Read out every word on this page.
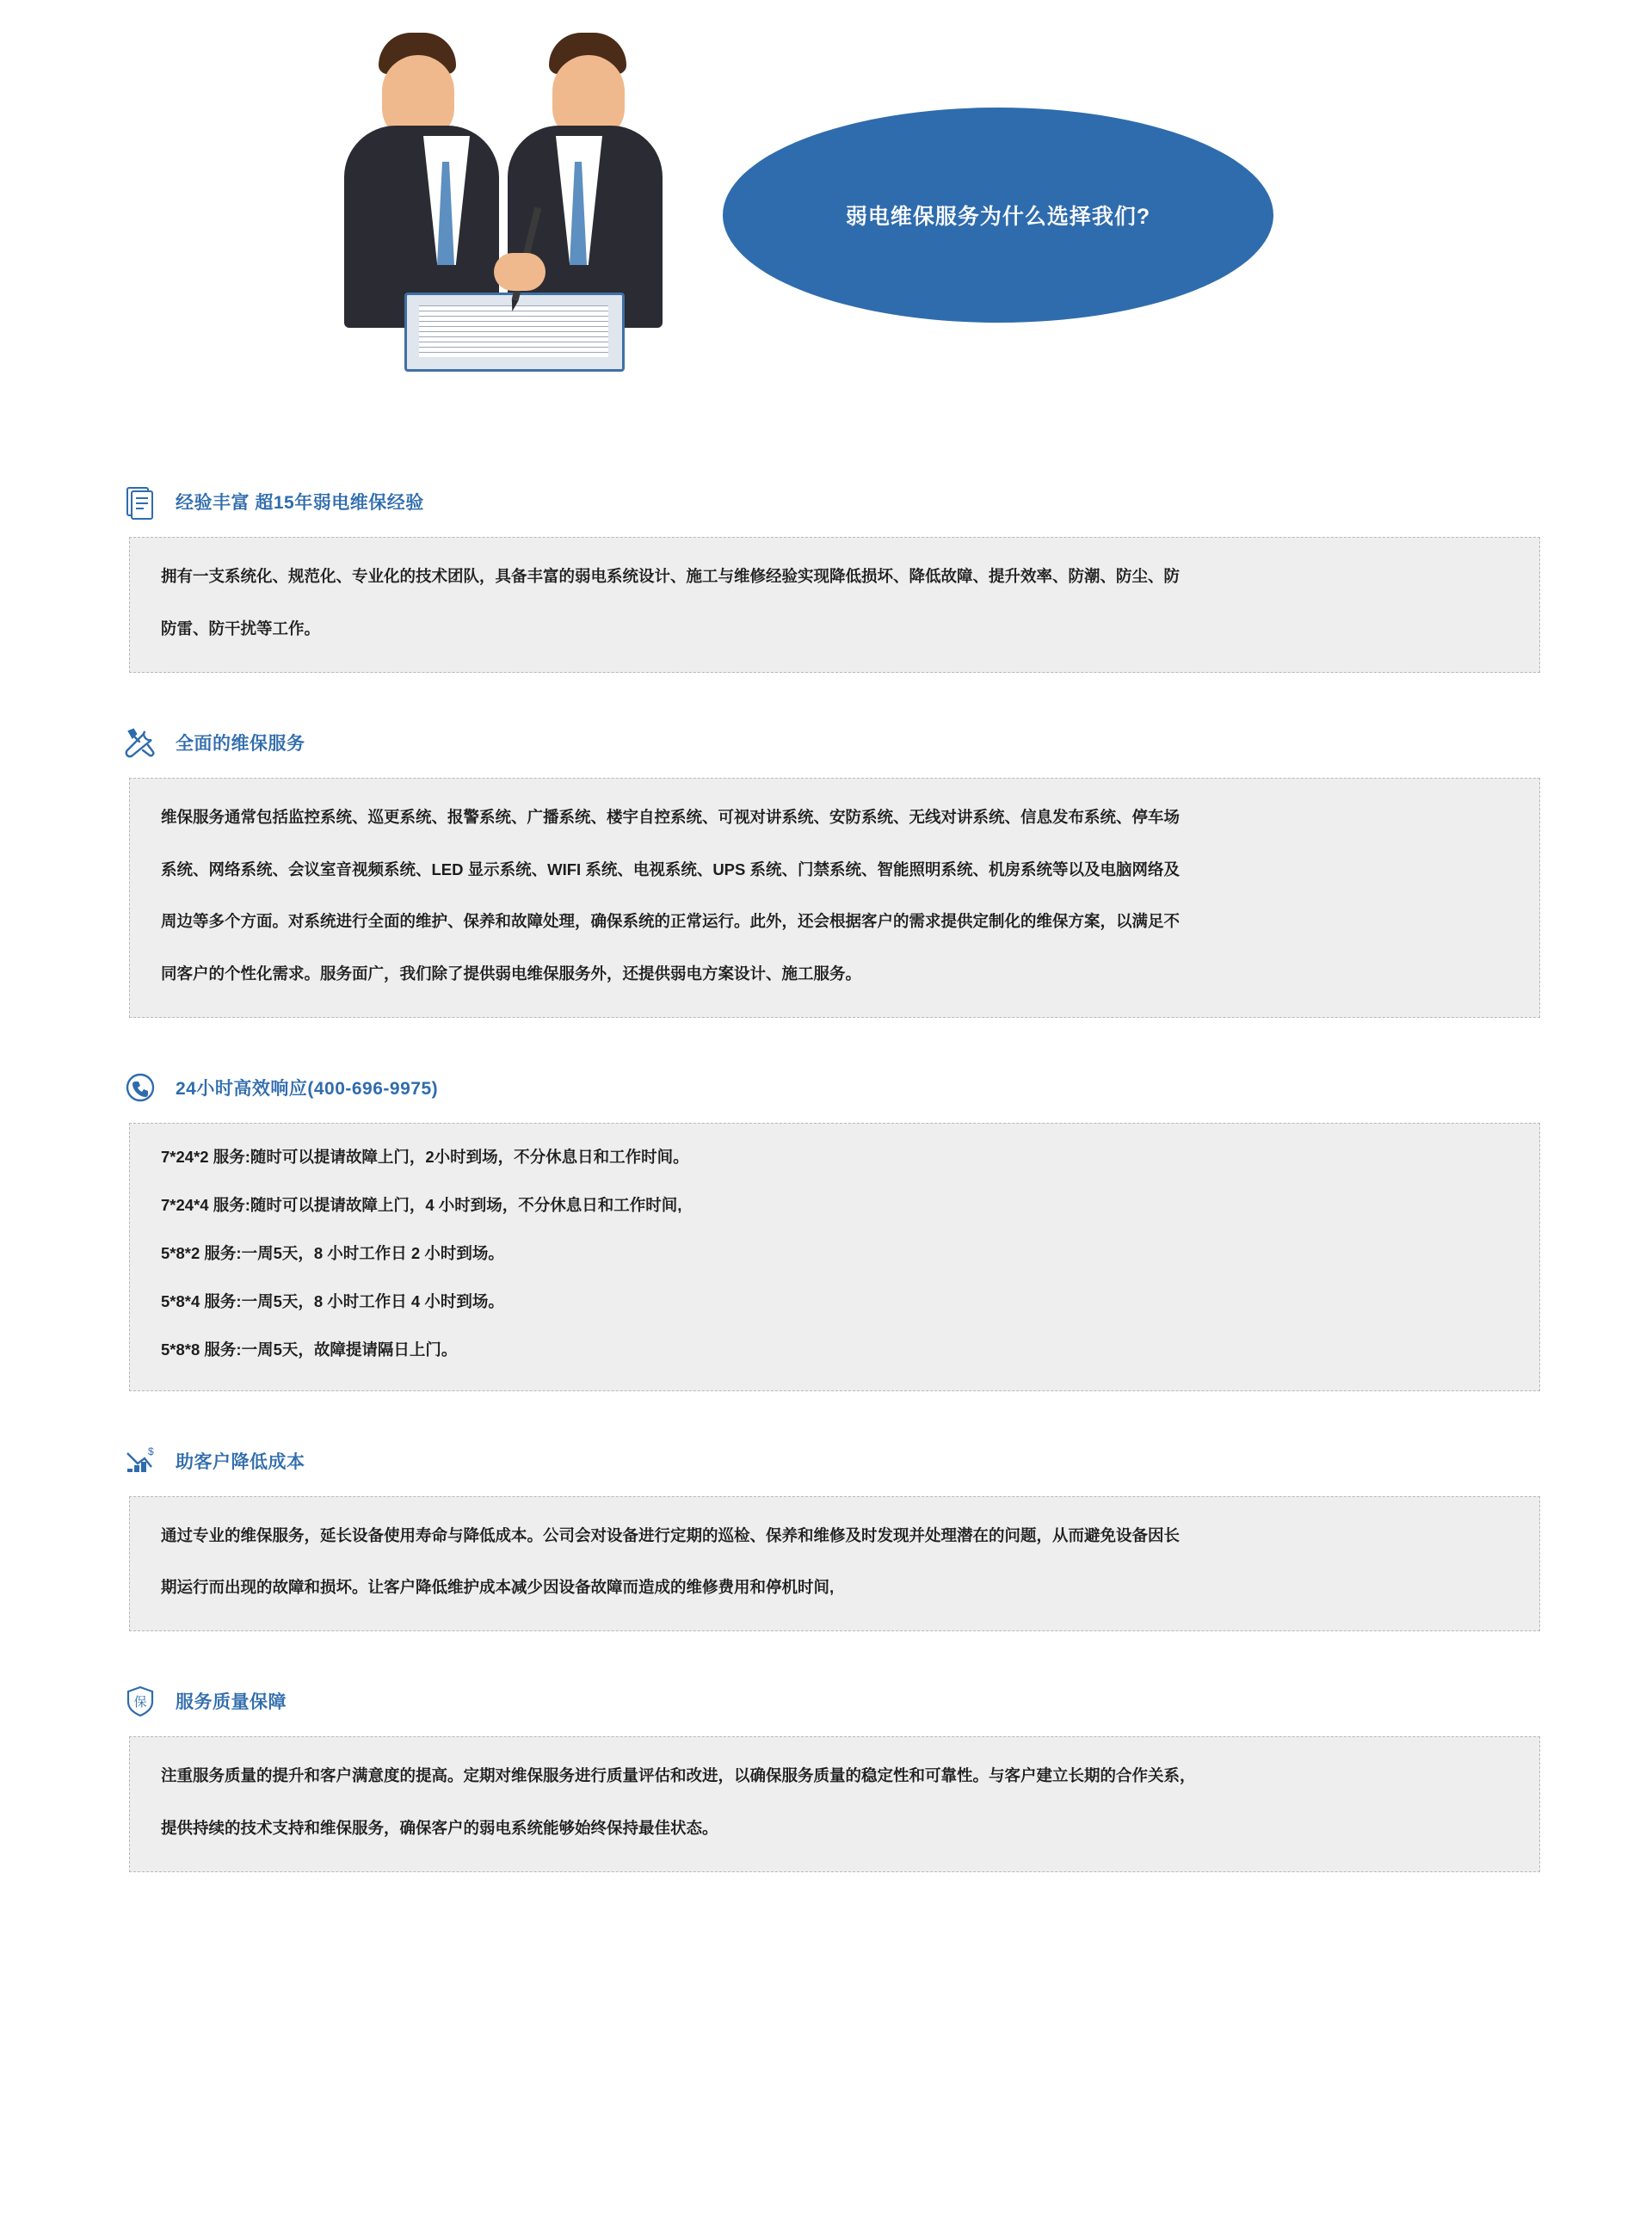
弱电维保服务为什么选择我们?
经验丰富 超15年弱电维保经验

拥有一支系统化、规范化、专业化的技术团队，具备丰富的弱电系统设计、施工与维修经验实现降低损坏、降低故障、提升效率、防潮、防尘、防

防雷、防干扰等工作。

全面的维保服务

维保服务通常包括监控系统、巡更系统、报警系统、广播系统、楼宇自控系统、可视对讲系统、安防系统、无线对讲系统、信息发布系统、停车场

系统、网络系统、会议室音视频系统、LED 显示系统、WIFI 系统、电视系统、UPS 系统、门禁系统、智能照明系统、机房系统等以及电脑网络及

周边等多个方面。对系统进行全面的维护、保养和故障处理，确保系统的正常运行。此外，还会根据客户的需求提供定制化的维保方案，以满足不

同客户的个性化需求。服务面广，我们除了提供弱电维保服务外，还提供弱电方案设计、施工服务。

24小时高效响应(400-696-9975)

7*24*2 服务:随时可以提请故障上门，2小时到场，不分休息日和工作时间。

7*24*4 服务:随时可以提请故障上门，4 小时到场，不分休息日和工作时间,

5*8*2 服务:一周5天，8 小时工作日 2 小时到场。

5*8*4 服务:一周5天，8 小时工作日 4 小时到场。

5*8*8 服务:一周5天，故障提请隔日上门。

$
助客户降低成本

通过专业的维保服务，延长设备使用寿命与降低成本。公司会对设备进行定期的巡检、保养和维修及时发现并处理潜在的问题，从而避免设备因长

期运行而出现的故障和损坏。让客户降低维护成本减少因设备故障而造成的维修费用和停机时间,

保 服务质量保障

注重服务质量的提升和客户满意度的提高。定期对维保服务进行质量评估和改进，以确保服务质量的稳定性和可靠性。与客户建立长期的合作关系，

提供持续的技术支持和维保服务，确保客户的弱电系统能够始终保持最佳状态。
